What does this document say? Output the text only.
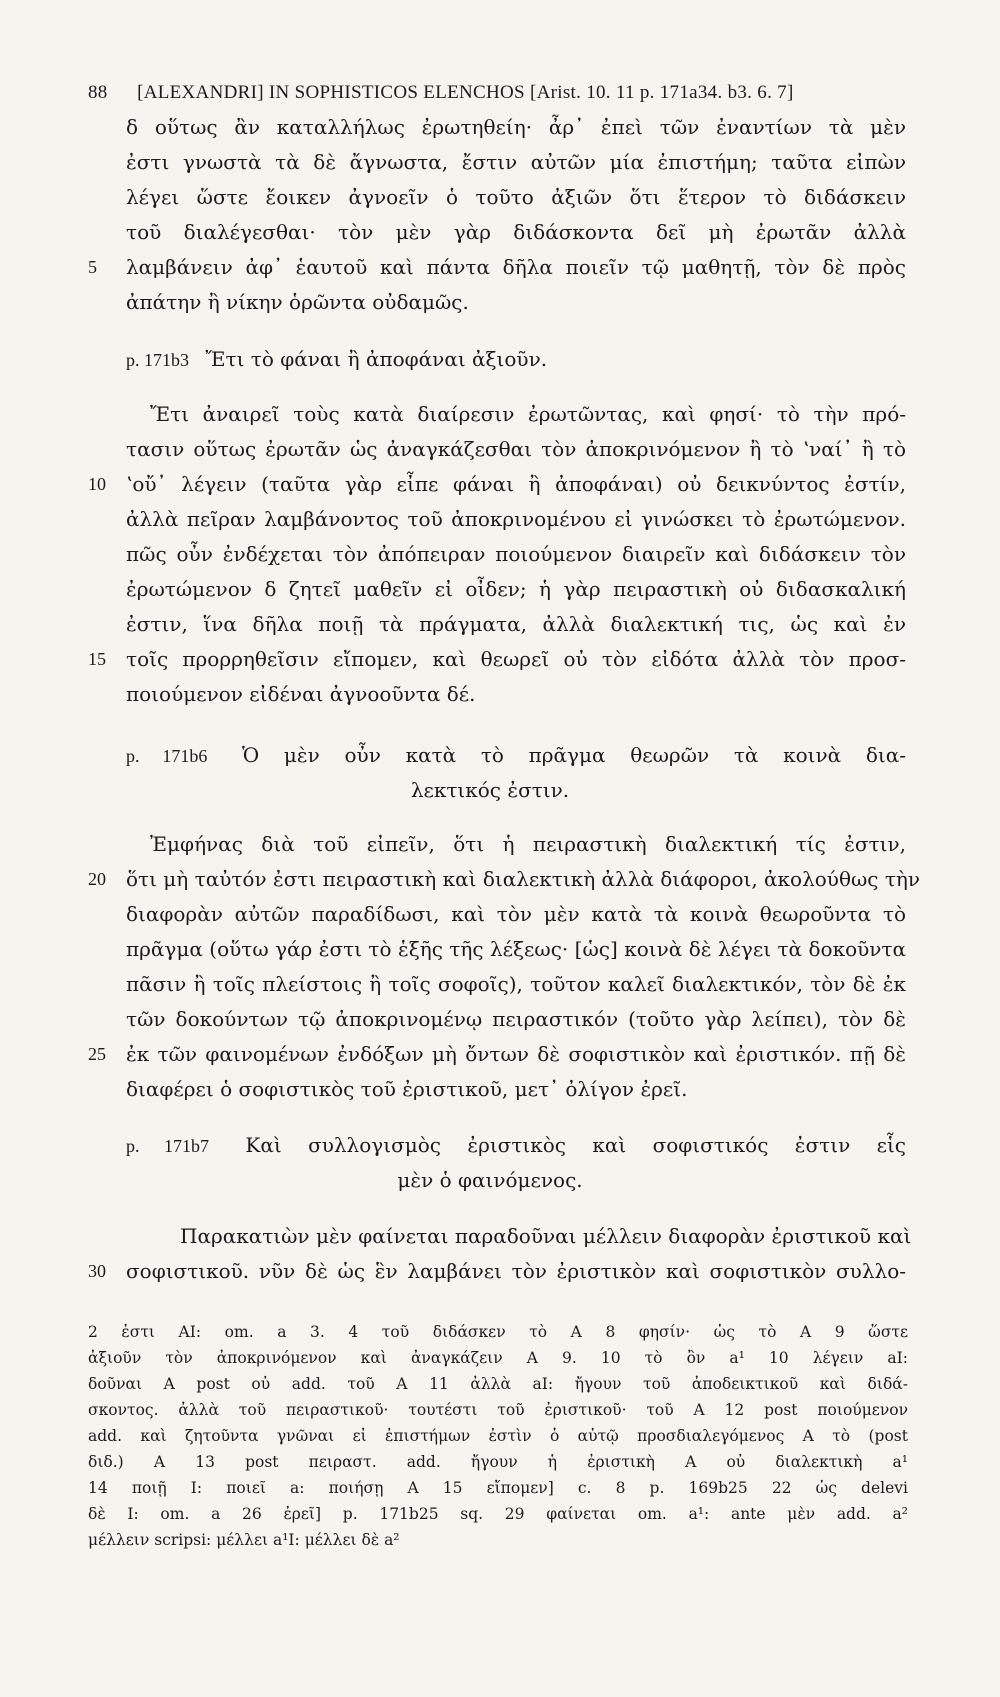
88 [ALEXANDRI] IN SOPHISTICOS ELENCHOS [Arist. 10. 11 p. 171a34. b3. 6. 7]
δ οὕτως ἂν καταλλήλως ἐρωτηθείη· ἆρ᾽ ἐπεὶ τῶν ἐναντίων τὰ μὲν
ἐστι γνωστὰ τὰ δὲ ἄγνωστα, ἔστιν αὐτῶν μία ἐπιστήμη; ταῦτα εἰπὼν
λέγει ὥστε ἔοικεν ἀγνοεῖν ὁ τοῦτο ἀξιῶν ὅτι ἕτερον τὸ διδάσκειν
τοῦ διαλέγεσθαι· τὸν μὲν γὰρ διδάσκοντα δεῖ μὴ ἐρωτᾶν ἀλλὰ
5	λαμβάνειν ἀφ᾽ ἑαυτοῦ καὶ πάντα δῆλα ποιεῖν τῷ μαθητῇ, τὸν δὲ πρὸς
ἀπάτην ἢ νίκην ὁρῶντα οὐδαμῶς.
p. 171b3 Ἔτι τὸ φάναι ἢ ἀποφάναι ἀξιοῦν.
Ἔτι ἀναιρεῖ τοὺς κατὰ διαίρεσιν ἐρωτῶντας, καὶ φησί· τὸ τὴν πρό-
τασιν οὕτως ἐρωτᾶν ὡς ἀναγκάζεσθαι τὸν ἀποκρινόμενον ἢ τὸ ʽναί᾽ ἢ τὸ
10	ʽοὔ᾽ λέγειν (ταῦτα γὰρ εἶπε φάναι ἢ ἀποφάναι) οὐ δεικνύντος ἐστίν,
ἀλλὰ πεῖραν λαμβάνοντος τοῦ ἀποκρινομένου εἰ γινώσκει τὸ ἐρωτώμενον.
πῶς οὖν ἐνδέχεται τὸν ἀπόπειραν ποιούμενον διαιρεῖν καὶ διδάσκειν τὸν
ἐρωτώμενον δ ζητεῖ μαθεῖν εἰ οἶδεν; ἡ γὰρ πειραστικὴ οὐ διδασκαλική
ἐστιν, ἵνα δῆλα ποιῇ τὰ πράγματα, ἀλλὰ διαλεκτική τις, ὡς καὶ ἐν
15	τοῖς προρρηθεῖσιν εἴπομεν, καὶ θεωρεῖ οὐ τὸν εἰδότα ἀλλὰ τὸν προσ-
ποιούμενον εἰδέναι ἀγνοοῦντα δέ.
p. 171b6 Ὁ μὲν οὖν κατὰ τὸ πρᾶγμα θεωρῶν τὰ κοινὰ δια-
λεκτικός ἐστιν.
Ἐμφήνας διὰ τοῦ εἰπεῖν, ὅτι ἡ πειραστικὴ διαλεκτική τίς ἐστιν,
20	ὅτι μὴ ταὐτόν ἐστι πειραστικὴ καὶ διαλεκτικὴ ἀλλὰ διάφοροι, ἀκολούθως τὴν
διαφορὰν αὐτῶν παραδίδωσι, καὶ τὸν μὲν κατὰ τὰ κοινὰ θεωροῦντα τὸ
πρᾶγμα (οὕτω γάρ ἐστι τὸ ἑξῆς τῆς λέξεως· [ὡς] κοινὰ δὲ λέγει τὰ δοκοῦντα
πᾶσιν ἢ τοῖς πλείστοις ἢ τοῖς σοφοῖς), τοῦτον καλεῖ διαλεκτικόν, τὸν δὲ ἐκ
τῶν δοκούντων τῷ ἀποκρινομένῳ πειραστικόν (τοῦτο γὰρ λείπει), τὸν δὲ
25	ἐκ τῶν φαινομένων ἐνδόξων μὴ ὄντων δὲ σοφιστικὸν καὶ ἐριστικόν. πῇ δὲ
διαφέρει ὁ σοφιστικὸς τοῦ ἐριστικοῦ, μετ᾽ ὀλίγον ἐρεῖ.
p. 171b7 Καὶ συλλογισμὸς ἐριστικὸς καὶ σοφιστικός ἐστιν εἷς
μὲν ὁ φαινόμενος.
Παρακατιὼν μὲν φαίνεται παραδοῦναι μέλλειν διαφορὰν ἐριστικοῦ καὶ
30	σοφιστικοῦ. νῦν δὲ ὡς ἓν λαμβάνει τὸν ἐριστικὸν καὶ σοφιστικὸν συλλο-
2 ἐστι AI: om. a 3. 4 τοῦ διδάσκεν τὸ A 8 φησίν· ὡς τὸ A 9 ὥστε
ἀξιοῦν τὸν ἀποκρινόμενον καὶ ἀναγκάζειν A 9. 10 τὸ ὂν a¹ 10 λέγειν aI:
δοῦναι A post οὐ add. τοῦ A 11 ἀλλὰ aI: ἤγουν τοῦ ἀποδεικτικοῦ καὶ διδά-
σκοντος. ἀλλὰ τοῦ πειραστικοῦ· τουτέστι τοῦ ἐριστικοῦ· τοῦ A 12 post ποιούμενον
add. καὶ ζητοῦντα γνῶναι εἰ ἐπιστήμων ἐστὶν ὁ αὐτῷ προσδιαλεγόμενος A τὸ (post
διδ.) A 13 post πειραστ. add. ἤγουν ἡ ἐριστικὴ A οὐ διαλεκτικὴ a¹
14 ποιῇ I: ποιεῖ a: ποιήσῃ A 15 εἴπομεν] c. 8 p. 169b25 22 ὡς delevi
δὲ I: om. a 26 ἐρεῖ] p. 171b25 sq. 29 φαίνεται om. a¹: ante μὲν add. a²
μέλλειν scripsi: μέλλει a¹I: μέλλει δὲ a²
